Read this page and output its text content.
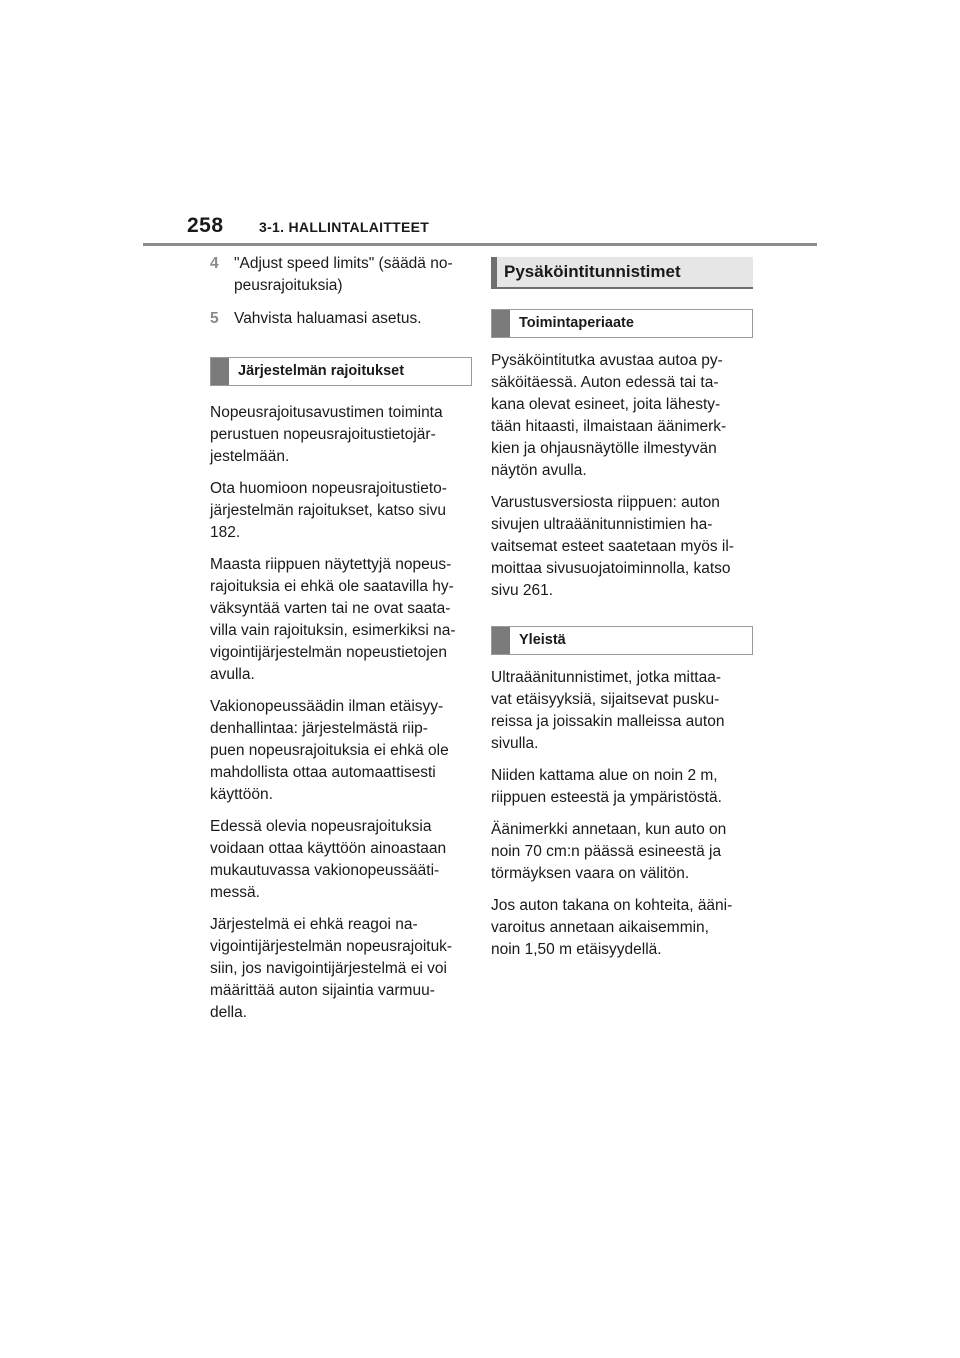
258	3-1. HALLINTALAITTEET
4 "Adjust speed limits" (säädä no-
peusrajoituksia)
5 Vahvista haluamasi asetus.
Järjestelmän rajoitukset

Nopeusrajoitusavustimen toiminta
perustuen nopeusrajoitustietojär-
jestelmään.

Ota huomioon nopeusrajoitustieto-
järjestelmän rajoitukset, katso sivu
182.

Maasta riippuen näytettyjä nopeus-
rajoituksia ei ehkä ole saatavilla hy-
väksyntää varten tai ne ovat saata-
villa vain rajoituksin, esimerkiksi na-
vigointijärjestelmän nopeustietojen
avulla.

Vakionopeussäädin ilman etäisyy-
denhallintaa: järjestelmästä riip-
puen nopeusrajoituksia ei ehkä ole
mahdollista ottaa automaattisesti
käyttöön.

Edessä olevia nopeusrajoituksia
voidaan ottaa käyttöön ainoastaan
mukautuvassa vakionopeussääti-
messä.

Järjestelmä ei ehkä reagoi na-
vigointijärjestelmän nopeusrajoituk-
siin, jos navigointijärjestelmä ei voi
määrittää auton sijaintia varmuu-
della.

Pysäköintitunnistimet
Toimintaperiaate

Pysäköintitutka avustaa autoa py-
säköitäessä. Auton edessä tai ta-
kana olevat esineet, joita lähesty-
tään hitaasti, ilmaistaan äänimerk-
kien ja ohjausnäytölle ilmestyvän
näytön avulla.

Varustusversiosta riippuen: auton
sivujen ultraäänitunnistimien ha-
vaitsemat esteet saatetaan myös il-
moittaa sivusuojatoiminnolla, katso
sivu 261.

Yleistä

Ultraäänitunnistimet, jotka mittaa-
vat etäisyyksiä, sijaitsevat pusku-
reissa ja joissakin malleissa auton
sivulla.

Niiden kattama alue on noin 2 m,
riippuen esteestä ja ympäristöstä.

Äänimerkki annetaan, kun auto on
noin 70 cm:n päässä esineestä ja
törmäyksen vaara on välitön.

Jos auton takana on kohteita, ääni-
varoitus annetaan aikaisemmin,
noin 1,50 m etäisyydellä.
